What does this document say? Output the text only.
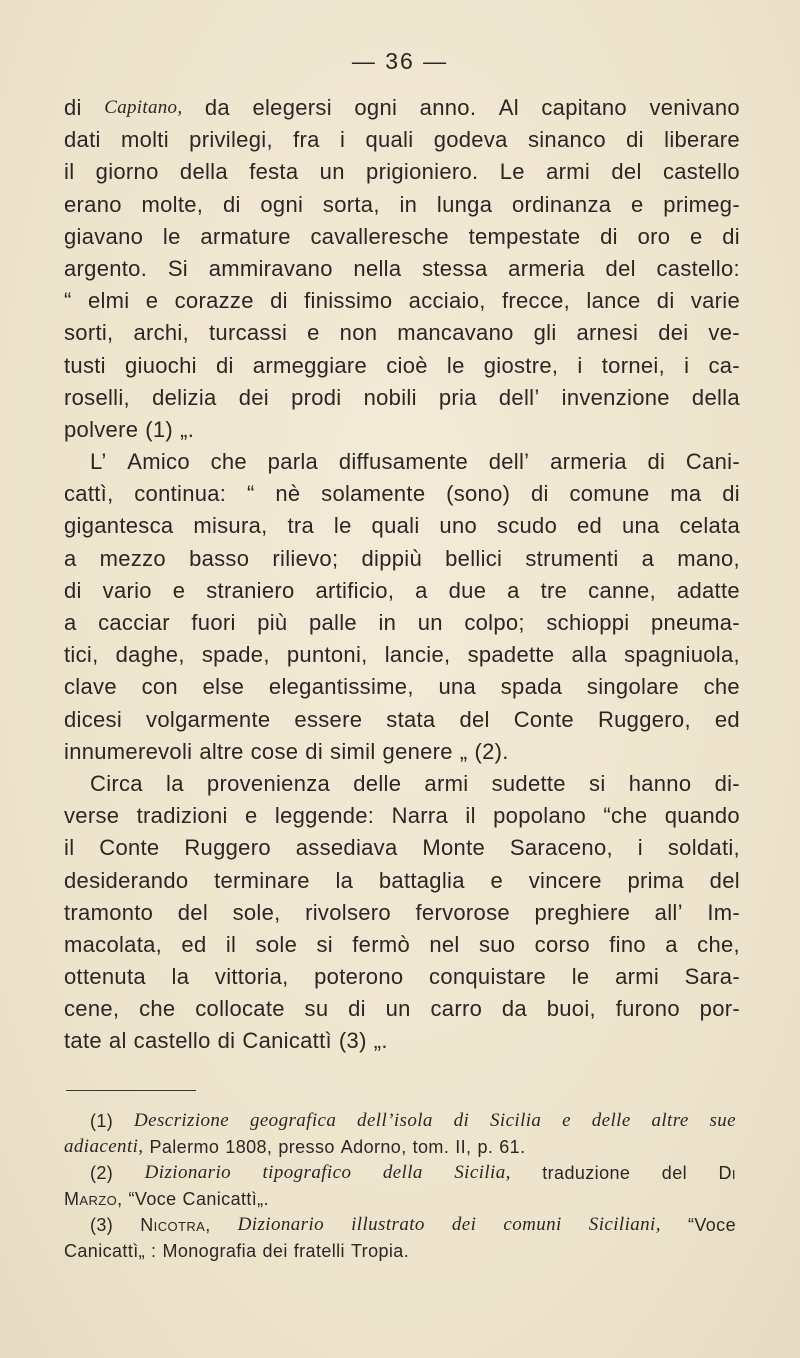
— 36 —
di Capitano, da elegersi ogni anno. Al capitano venivano
dati molti privilegi, fra i quali godeva sinanco di liberare
il giorno della festa un prigioniero. Le armi del castello
erano molte, di ogni sorta, in lunga ordinanza e primeg-
giavano le armature cavalleresche tempestate di oro e di
argento. Si ammiravano nella stessa armeria del castello:
“ elmi e corazze di finissimo acciaio, frecce, lance di varie
sorti, archi, turcassi e non mancavano gli arnesi dei ve-
tusti giuochi di armeggiare cioè le giostre, i tornei, i ca-
roselli, delizia dei prodi nobili pria dell’ invenzione della
polvere (1) „.
L’ Amico che parla diffusamente dell’ armeria di Cani-
cattì, continua: “ nè solamente (sono) di comune ma di
gigantesca misura, tra le quali uno scudo ed una celata
a mezzo basso rilievo; dippiù bellici strumenti a mano,
di vario e straniero artificio, a due a tre canne, adatte
a cacciar fuori più palle in un colpo; schioppi pneuma-
tici, daghe, spade, puntoni, lancie, spadette alla spagniuola,
clave con else elegantissime, una spada singolare che
dicesi volgarmente essere stata del Conte Ruggero, ed
innumerevoli altre cose di simil genere „ (2).
Circa la provenienza delle armi sudette si hanno di-
verse tradizioni e leggende: Narra il popolano “che quando
il Conte Ruggero assediava Monte Saraceno, i soldati,
desiderando terminare la battaglia e vincere prima del
tramonto del sole, rivolsero fervorose preghiere all’ Im-
macolata, ed il sole si fermò nel suo corso fino a che,
ottenuta la vittoria, poterono conquistare le armi Sara-
cene, che collocate su di un carro da buoi, furono por-
tate al castello di Canicattì (3) „.
(1) Descrizione geografica dell’isola di Sicilia e delle altre sue
adiacenti, Palermo 1808, presso Adorno, tom. II, p. 61.
(2) Dizionario tipografico della Sicilia, traduzione del Di
Marzo, “Voce Canicattì„.
(3) Nicotra, Dizionario illustrato dei comuni Siciliani, “Voce
Canicattì„ : Monografia dei fratelli Tropia.
